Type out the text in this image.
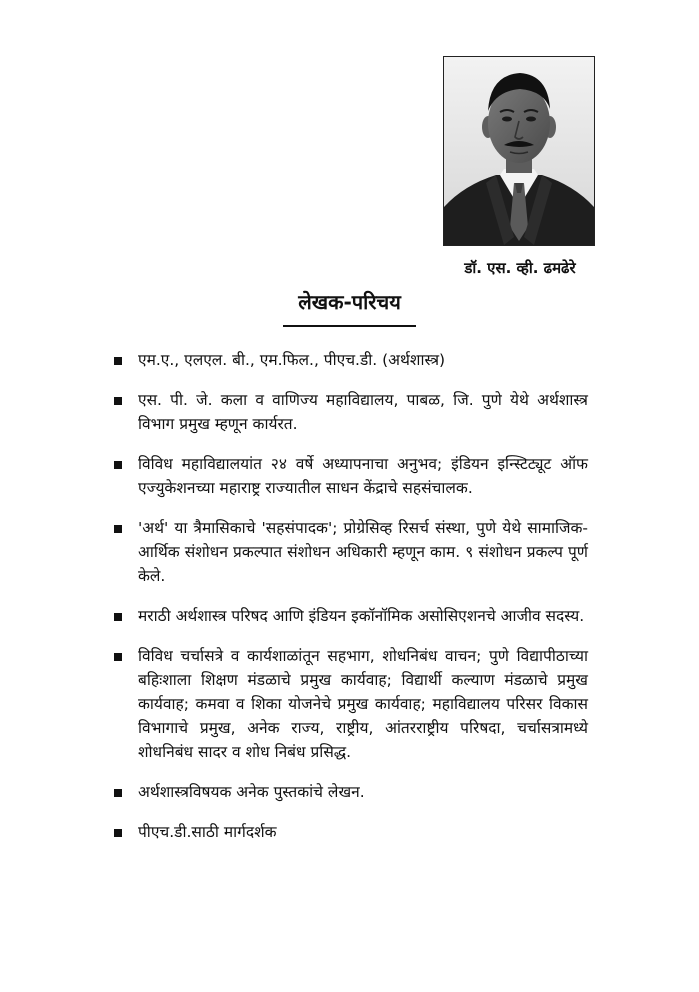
डॉ. एस. व्ही. ढमढेरे
लेखक-परिचय
एम.ए., एलएल. बी., एम.फिल., पीएच.डी. (अर्थशास्त्र)
एस. पी. जे. कला व वाणिज्य महाविद्यालय, पाबळ, जि. पुणे येथे अर्थशास्त्र विभाग प्रमुख म्हणून कार्यरत.
विविध महाविद्यालयांत २४ वर्षे अध्यापनाचा अनुभव; इंडियन इन्स्टिट्यूट ऑफ एज्युकेशनच्या महाराष्ट्र राज्यातील साधन केंद्राचे सहसंचालक.
'अर्थ' या त्रैमासिकाचे 'सहसंपादक'; प्रोग्रेसिव्ह रिसर्च संस्था, पुणे येथे सामाजिक-आर्थिक संशोधन प्रकल्पात संशोधन अधिकारी म्हणून काम. ९ संशोधन प्रकल्प पूर्ण केले.
मराठी अर्थशास्त्र परिषद आणि इंडियन इकॉनॉमिक असोसिएशनचे आजीव सदस्य.
विविध चर्चासत्रे व कार्यशाळांतून सहभाग, शोधनिबंध वाचन; पुणे विद्यापीठाच्या बहिःशाला शिक्षण मंडळाचे प्रमुख कार्यवाह; विद्यार्थी कल्याण मंडळाचे प्रमुख कार्यवाह; कमवा व शिका योजनेचे प्रमुख कार्यवाह; महाविद्यालय परिसर विकास विभागाचे प्रमुख, अनेक राज्य, राष्ट्रीय, आंतरराष्ट्रीय परिषदा, चर्चासत्रामध्ये शोधनिबंध सादर व शोध निबंध प्रसिद्ध.
अर्थशास्त्रविषयक अनेक पुस्तकांचे लेखन.
पीएच.डी.साठी मार्गदर्शक
